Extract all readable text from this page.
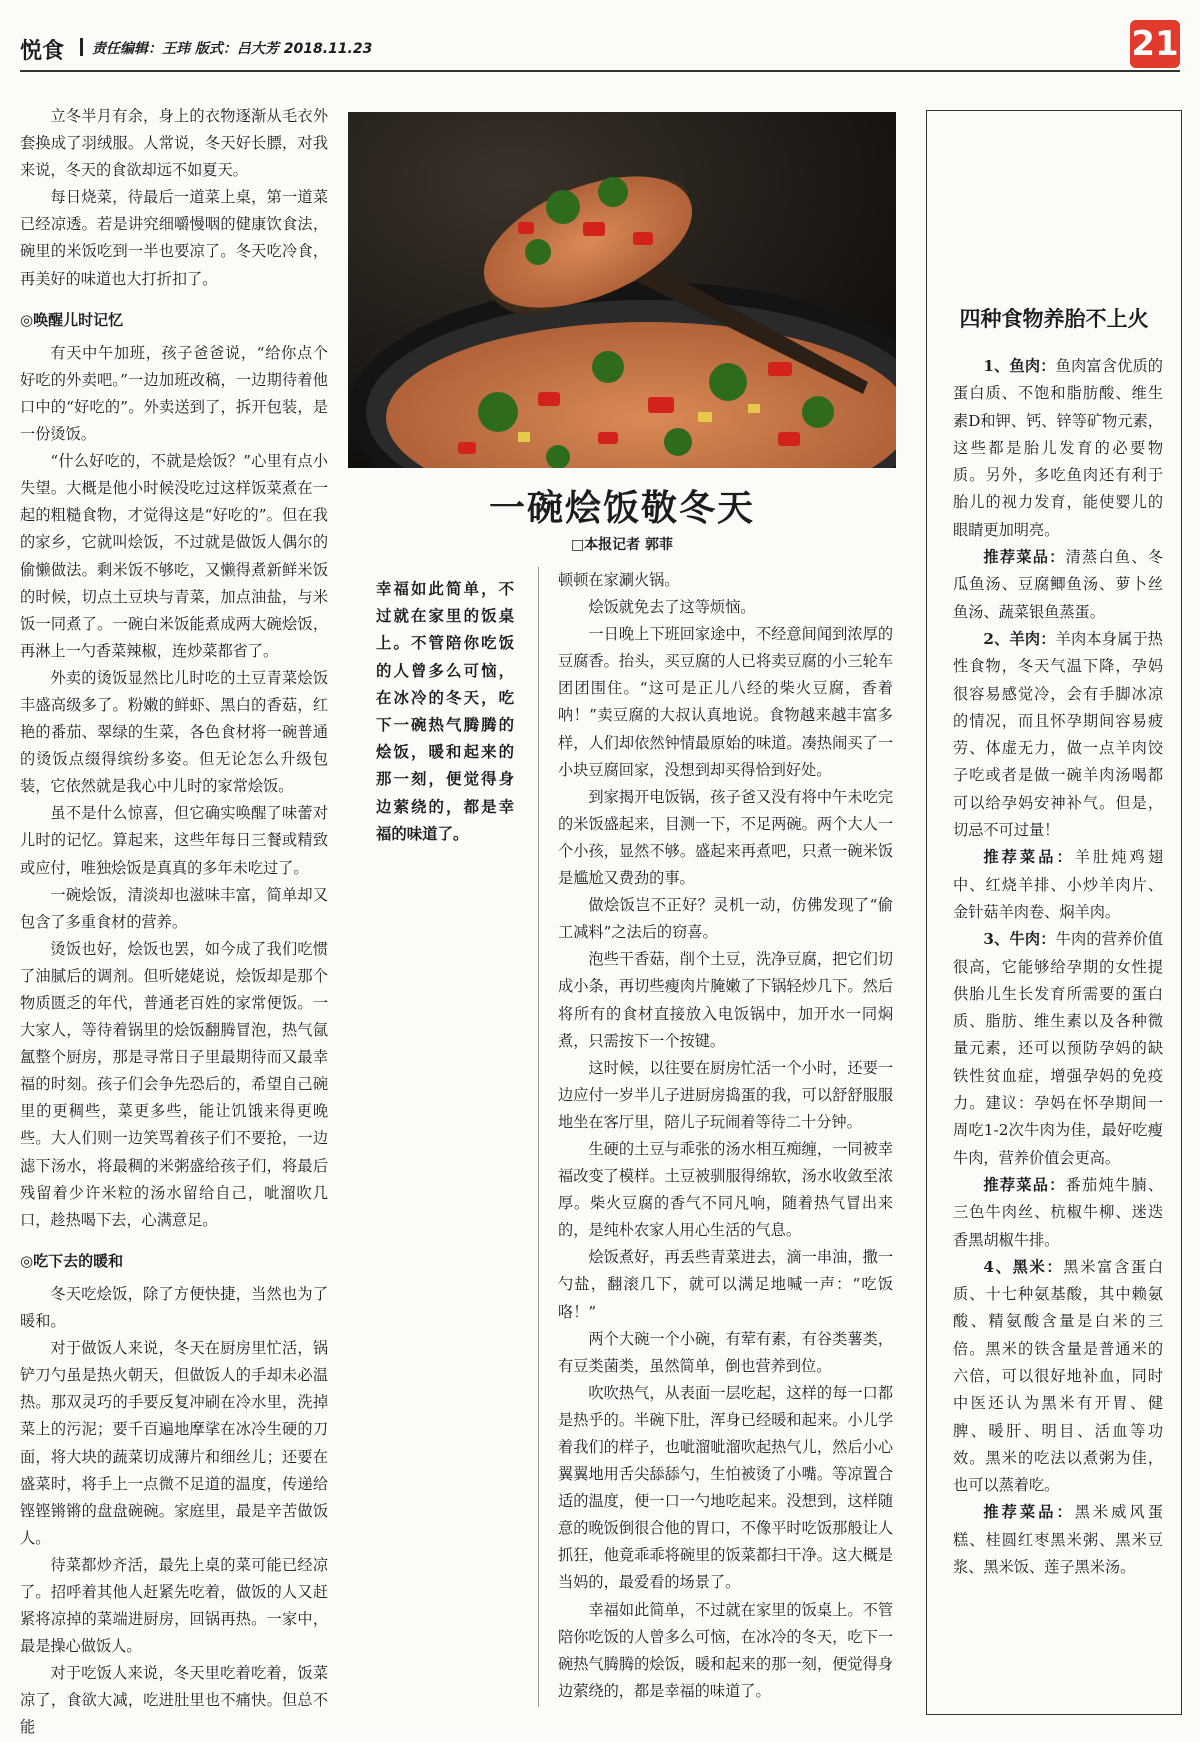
悦食 责任编辑：王玮 版式：吕大芳 2018.11.23	21

立冬半月有余，身上的衣物逐渐从毛衣外套换成了羽绒服。人常说，冬天好长膘，对我来说，冬天的食欲却远不如夏天。

每日烧菜，待最后一道菜上桌，第一道菜已经凉透。若是讲究细嚼慢咽的健康饮食法，碗里的米饭吃到一半也要凉了。冬天吃冷食，再美好的味道也大打折扣了。

◎唤醒儿时记忆

有天中午加班，孩子爸爸说，“给你点个好吃的外卖吧。”一边加班改稿，一边期待着他口中的“好吃的”。外卖送到了，拆开包装，是一份烫饭。

“什么好吃的，不就是烩饭？”心里有点小失望。大概是他小时候没吃过这样饭菜煮在一起的粗糙食物，才觉得这是“好吃的”。但在我的家乡，它就叫烩饭，不过就是做饭人偶尔的偷懒做法。剩米饭不够吃，又懒得煮新鲜米饭的时候，切点土豆块与青菜，加点油盐，与米饭一同煮了。一碗白米饭能煮成两大碗烩饭，再淋上一勺香菜辣椒，连炒菜都省了。

外卖的烫饭显然比儿时吃的土豆青菜烩饭丰盛高级多了。粉嫩的鲜虾、黑白的香菇，红艳的番茄、翠绿的生菜，各色食材将一碗普通的烫饭点缀得缤纷多姿。但无论怎么升级包装，它依然就是我心中儿时的家常烩饭。

虽不是什么惊喜，但它确实唤醒了味蕾对儿时的记忆。算起来，这些年每日三餐或精致或应付，唯独烩饭是真真的多年未吃过了。

一碗烩饭，清淡却也滋味丰富，简单却又包含了多重食材的营养。

烫饭也好，烩饭也罢，如今成了我们吃惯了油腻后的调剂。但听姥姥说，烩饭却是那个物质匮乏的年代，普通老百姓的家常便饭。一大家人，等待着锅里的烩饭翻腾冒泡，热气氤氲整个厨房，那是寻常日子里最期待而又最幸福的时刻。孩子们会争先恐后的，希望自己碗里的更稠些，菜更多些，能让饥饿来得更晚些。大人们则一边笑骂着孩子们不要抢，一边滤下汤水，将最稠的米粥盛给孩子们，将最后残留着少许米粒的汤水留给自己，呲溜吹几口，趁热喝下去，心满意足。

◎吃下去的暖和

冬天吃烩饭，除了方便快捷，当然也为了暖和。

对于做饭人来说，冬天在厨房里忙活，锅铲刀勺虽是热火朝天，但做饭人的手却未必温热。那双灵巧的手要反复冲刷在冷水里，洗掉菜上的污泥；要千百遍地摩挲在冰冷生硬的刀面，将大块的蔬菜切成薄片和细丝儿；还要在盛菜时，将手上一点微不足道的温度，传递给铿铿锵锵的盘盘碗碗。家庭里，最是辛苦做饭人。

待菜都炒齐活，最先上桌的菜可能已经凉了。招呼着其他人赶紧先吃着，做饭的人又赶紧将凉掉的菜端进厨房，回锅再热。一家中，最是操心做饭人。

对于吃饭人来说，冬天里吃着吃着，饭菜凉了，食欲大减，吃进肚里也不痛快。但总不能

一碗烩饭敬冬天
□本报记者 郭菲
幸福如此简单，不过就在家里的饭桌上。不管陪你吃饭的人曾多么可恼，在冰冷的冬天，吃下一碗热气腾腾的烩饭，暖和起来的那一刻，便觉得身边萦绕的，都是幸福的味道了。

顿顿在家涮火锅。

烩饭就免去了这等烦恼。

一日晚上下班回家途中，不经意间闻到浓厚的豆腐香。抬头，买豆腐的人已将卖豆腐的小三轮车团团围住。“这可是正儿八经的柴火豆腐，香着呐！”卖豆腐的大叔认真地说。食物越来越丰富多样，人们却依然钟情最原始的味道。凑热闹买了一小块豆腐回家，没想到却买得恰到好处。

到家揭开电饭锅，孩子爸又没有将中午未吃完的米饭盛起来，目测一下，不足两碗。两个大人一个小孩，显然不够。盛起来再煮吧，只煮一碗米饭是尴尬又费劲的事。

做烩饭岂不正好？灵机一动，仿佛发现了“偷工减料”之法后的窃喜。

泡些干香菇，削个土豆，洗净豆腐，把它们切成小条，再切些瘦肉片腌嫩了下锅轻炒几下。然后将所有的食材直接放入电饭锅中，加开水一同焖煮，只需按下一个按键。

这时候，以往要在厨房忙活一个小时，还要一边应付一岁半儿子进厨房捣蛋的我，可以舒舒服服地坐在客厅里，陪儿子玩闹着等待二十分钟。

生硬的土豆与乖张的汤水相互痴缠，一同被幸福改变了模样。土豆被驯服得绵软，汤水收敛至浓厚。柴火豆腐的香气不同凡响，随着热气冒出来的，是纯朴农家人用心生活的气息。

烩饭煮好，再丢些青菜进去，滴一串油，撒一勺盐，翻滚几下，就可以满足地喊一声：“吃饭咯！”

两个大碗一个小碗，有荤有素，有谷类薯类，有豆类菌类，虽然简单，倒也营养到位。

吹吹热气，从表面一层吃起，这样的每一口都是热乎的。半碗下肚，浑身已经暖和起来。小儿学着我们的样子，也呲溜呲溜吹起热气儿，然后小心翼翼地用舌尖舔舔勺，生怕被烫了小嘴。等凉置合适的温度，便一口一勺地吃起来。没想到，这样随意的晚饭倒很合他的胃口，不像平时吃饭那般让人抓狂，他竟乖乖将碗里的饭菜都扫干净。这大概是当妈的，最爱看的场景了。

幸福如此简单，不过就在家里的饭桌上。不管陪你吃饭的人曾多么可恼，在冰冷的冬天，吃下一碗热气腾腾的烩饭，暖和起来的那一刻，便觉得身边萦绕的，都是幸福的味道了。

四种食物养胎不上火

1、鱼肉：鱼肉富含优质的蛋白质、不饱和脂肪酸、维生素D和钾、钙、锌等矿物元素，这些都是胎儿发育的必要物质。另外，多吃鱼肉还有利于胎儿的视力发育，能使婴儿的眼睛更加明亮。

推荐菜品：清蒸白鱼、冬瓜鱼汤、豆腐鲫鱼汤、萝卜丝鱼汤、蔬菜银鱼蒸蛋。

2、羊肉：羊肉本身属于热性食物，冬天气温下降，孕妈很容易感觉冷，会有手脚冰凉的情况，而且怀孕期间容易疲劳、体虚无力，做一点羊肉饺子吃或者是做一碗羊肉汤喝都可以给孕妈安神补气。但是，切忌不可过量！

推荐菜品：羊肚炖鸡翅中、红烧羊排、小炒羊肉片、金针菇羊肉卷、焖羊肉。

3、牛肉：牛肉的营养价值很高，它能够给孕期的女性提供胎儿生长发育所需要的蛋白质、脂肪、维生素以及各种微量元素，还可以预防孕妈的缺铁性贫血症，增强孕妈的免疫力。建议：孕妈在怀孕期间一周吃1-2次牛肉为佳，最好吃瘦牛肉，营养价值会更高。

推荐菜品：番茄炖牛腩、三色牛肉丝、杭椒牛柳、迷迭香黑胡椒牛排。

4、黑米：黑米富含蛋白质、十七种氨基酸，其中赖氨酸、精氨酸含量是白米的三倍。黑米的铁含量是普通米的六倍，可以很好地补血，同时中医还认为黑米有开胃、健脾、暖肝、明目、活血等功效。黑米的吃法以煮粥为佳，也可以蒸着吃。

推荐菜品：黑米威风蛋糕、桂圆红枣黑米粥、黑米豆浆、黑米饭、莲子黑米汤。
